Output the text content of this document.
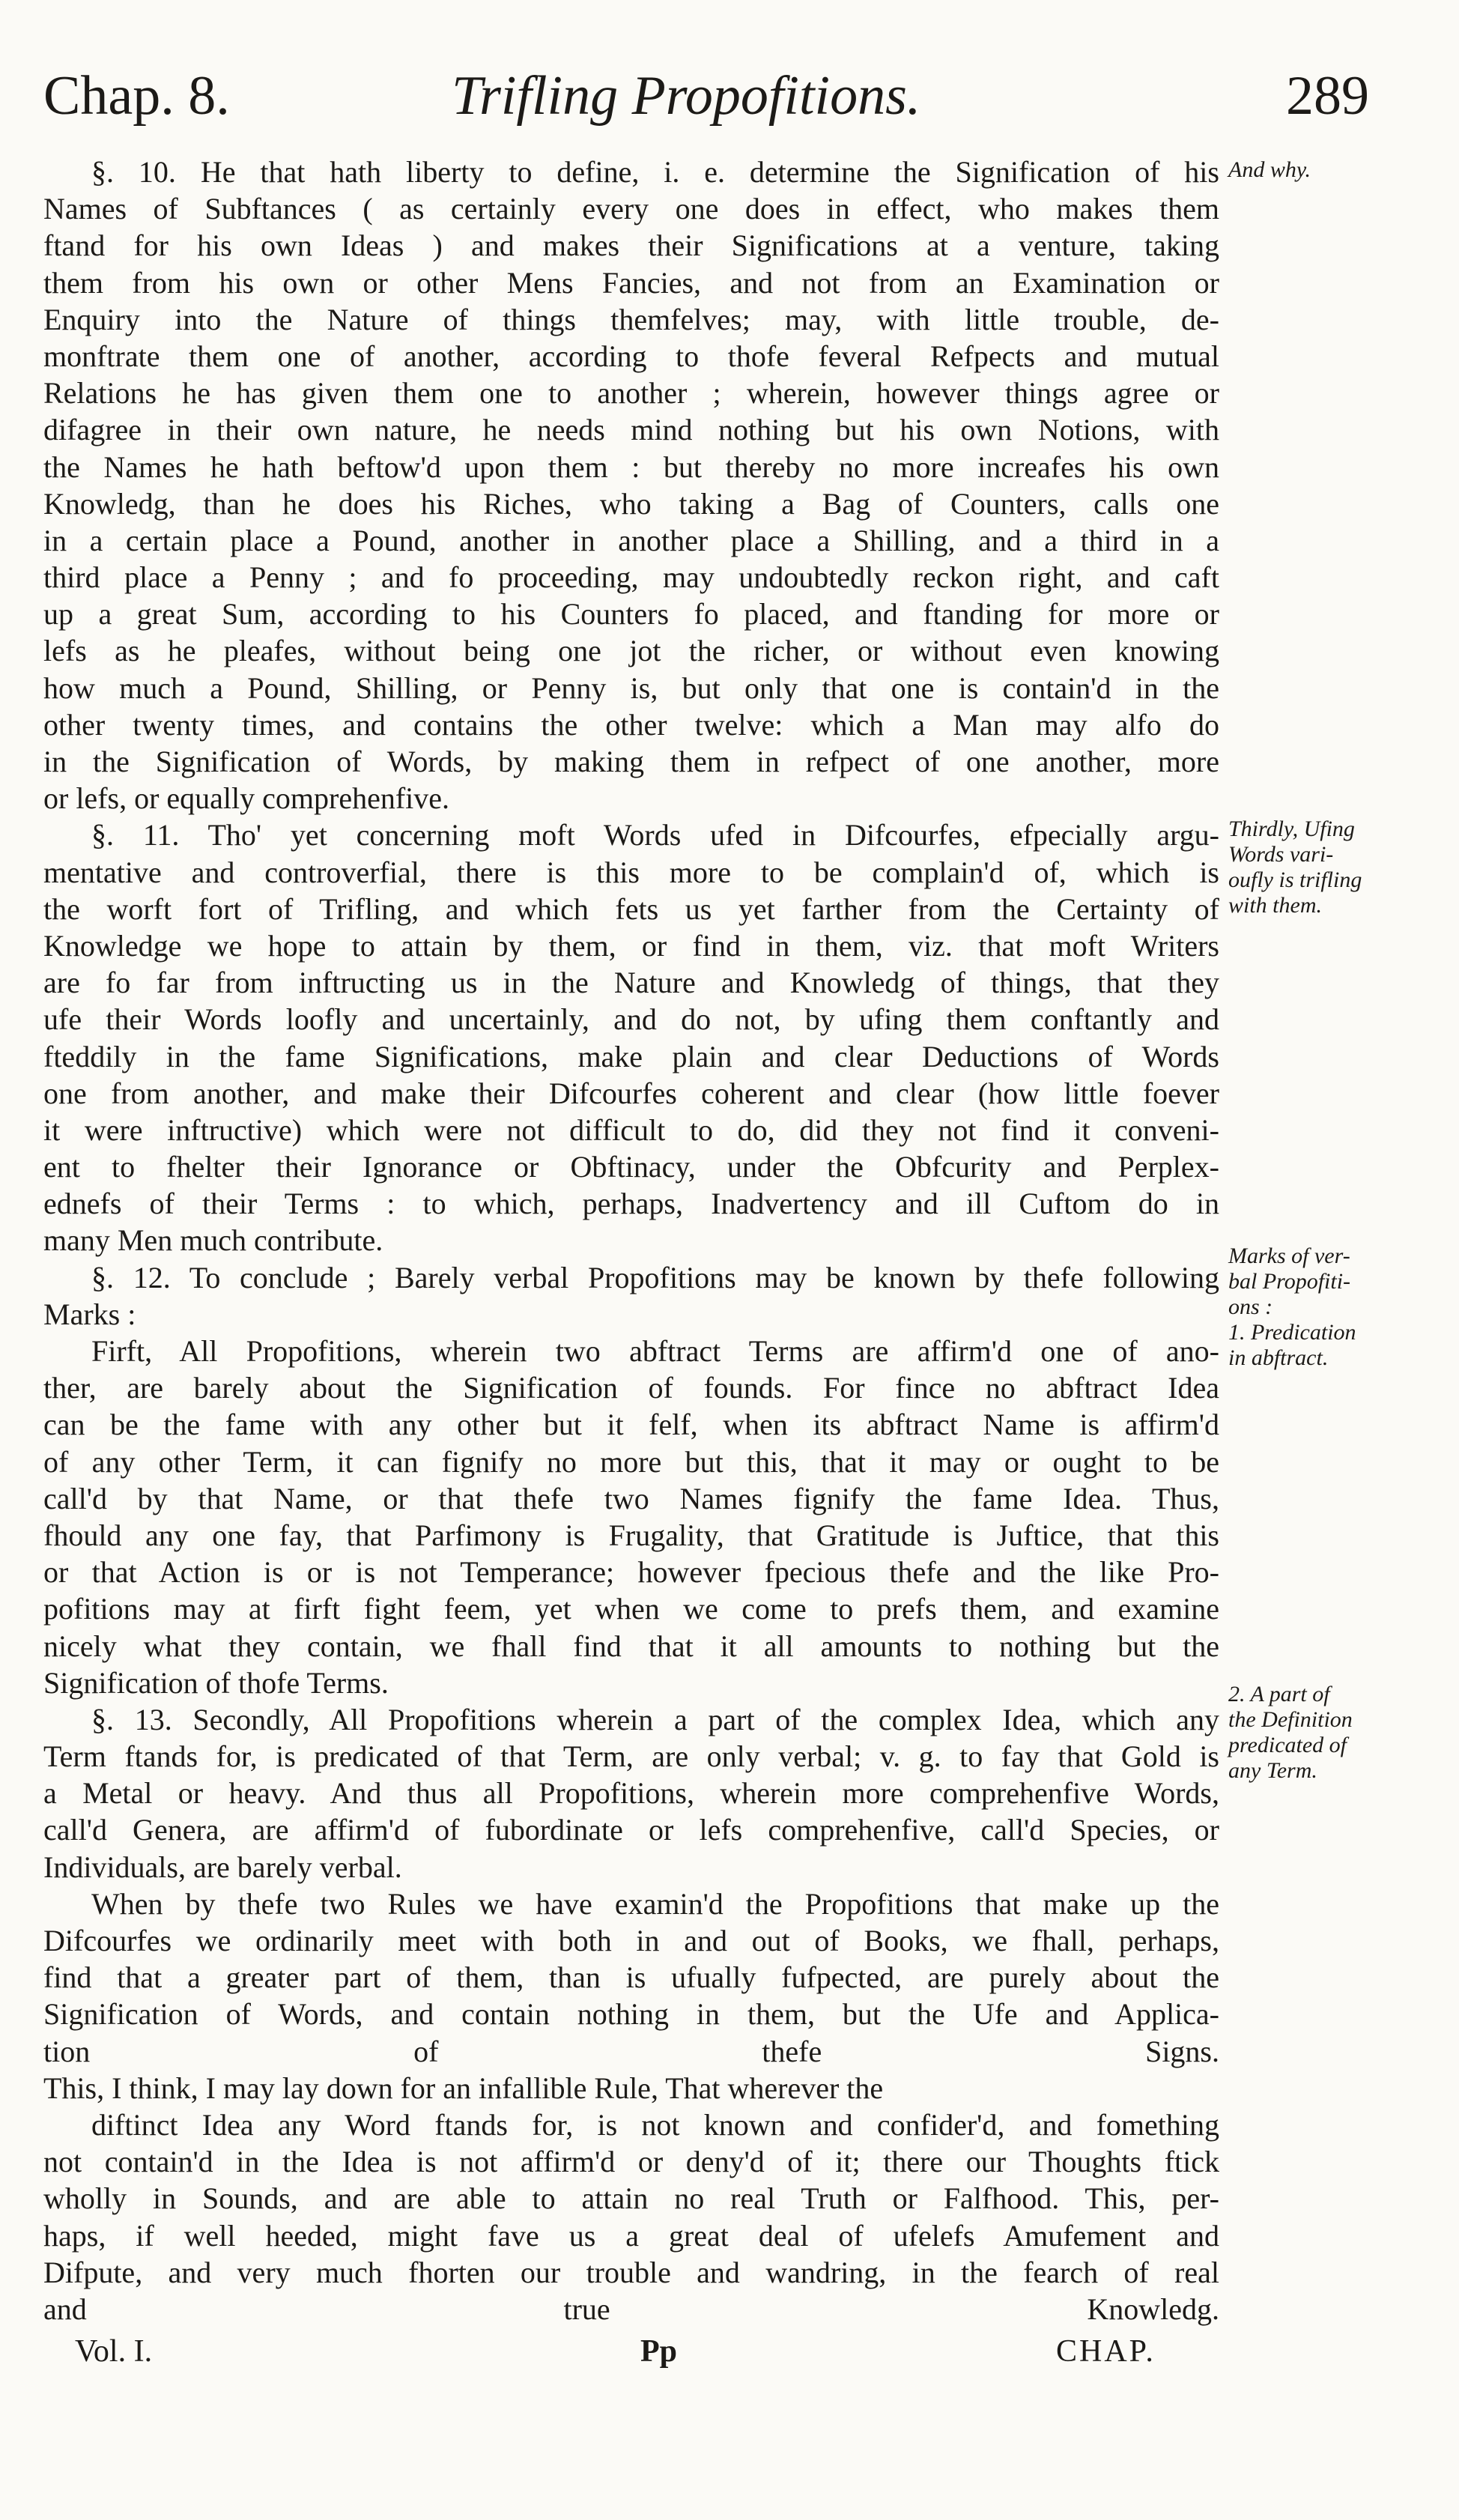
Chap. 8.	Trifling Propofitions.	289
§. 10. He that hath liberty to define, i. e. determine the Signification of his
Names of Subftances ( as certainly every one does in effect, who makes them
ftand for his own Ideas ) and makes their Significations at a venture, taking
them from his own or other Mens Fancies, and not from an Examination or
Enquiry into the Nature of things themfelves; may, with little trouble, de-
monftrate them one of another, according to thofe feveral Refpects and mutual
Relations he has given them one to another ; wherein, however things agree or
difagree in their own nature, he needs mind nothing but his own Notions, with
the Names he hath beftow'd upon them : but thereby no more increafes his own
Knowledg, than he does his Riches, who taking a Bag of Counters, calls one
in a certain place a Pound, another in another place a Shilling, and a third in a
third place a Penny ; and fo proceeding, may undoubtedly reckon right, and caft
up a great Sum, according to his Counters fo placed, and ftanding for more or
lefs as he pleafes, without being one jot the richer, or without even knowing
how much a Pound, Shilling, or Penny is, but only that one is contain'd in the
other twenty times, and contains the other twelve: which a Man may alfo do
in the Signification of Words, by making them in refpect of one another, more
or lefs, or equally comprehenfive.
§. 11. Tho' yet concerning moft Words ufed in Difcourfes, efpecially argu-
mentative and controverfial, there is this more to be complain'd of, which is
the worft fort of Trifling, and which fets us yet farther from the Certainty of
Knowledge we hope to attain by them, or find in them, viz. that moft Writers
are fo far from inftructing us in the Nature and Knowledg of things, that they
ufe their Words loofly and uncertainly, and do not, by ufing them conftantly and
fteddily in the fame Significations, make plain and clear Deductions of Words
one from another, and make their Difcourfes coherent and clear (how little foever
it were inftructive) which were not difficult to do, did they not find it conveni-
ent to fhelter their Ignorance or Obftinacy, under the Obfcurity and Perplex-
ednefs of their Terms : to which, perhaps, Inadvertency and ill Cuftom do in
many Men much contribute.
§. 12. To conclude ; Barely verbal Propofitions may be known by thefe following
Marks :
Firft, All Propofitions, wherein two abftract Terms are affirm'd one of ano-
ther, are barely about the Signification of founds. For fince no abftract Idea
can be the fame with any other but it felf, when its abftract Name is affirm'd
of any other Term, it can fignify no more but this, that it may or ought to be
call'd by that Name, or that thefe two Names fignify the fame Idea. Thus,
fhould any one fay, that Parfimony is Frugality, that Gratitude is Juftice, that this
or that Action is or is not Temperance; however fpecious thefe and the like Pro-
pofitions may at firft fight feem, yet when we come to prefs them, and examine
nicely what they contain, we fhall find that it all amounts to nothing but the
Signification of thofe Terms.
§. 13. Secondly, All Propofitions wherein a part of the complex Idea, which any
Term ftands for, is predicated of that Term, are only verbal; v. g. to fay that Gold is
a Metal or heavy. And thus all Propofitions, wherein more comprehenfive Words,
call'd Genera, are affirm'd of fubordinate or lefs comprehenfive, call'd Species, or
Individuals, are barely verbal.
When by thefe two Rules we have examin'd the Propofitions that make up the
Difcourfes we ordinarily meet with both in and out of Books, we fhall, perhaps,
find that a greater part of them, than is ufually fufpected, are purely about the
Signification of Words, and contain nothing in them, but the Ufe and Applica-
tion of thefe Signs.
This, I think, I may lay down for an infallible Rule, That wherever the
diftinct Idea any Word ftands for, is not known and confider'd, and fomething
not contain'd in the Idea is not affirm'd or deny'd of it; there our Thoughts ftick
wholly in Sounds, and are able to attain no real Truth or Falfhood. This, per-
haps, if well heeded, might fave us a great deal of ufelefs Amufement and
Difpute, and very much fhorten our trouble and wandring, in the fearch of real
and true Knowledg.
And why.
Thirdly, Ufing
Words vari-
oufly is trifling
with them.
Marks of ver-
bal Propofiti-
ons :
1. Predication
in abftract.
2. A part of
the Definition
predicated of
any Term.
Vol. I.	Pp	CHAP.
